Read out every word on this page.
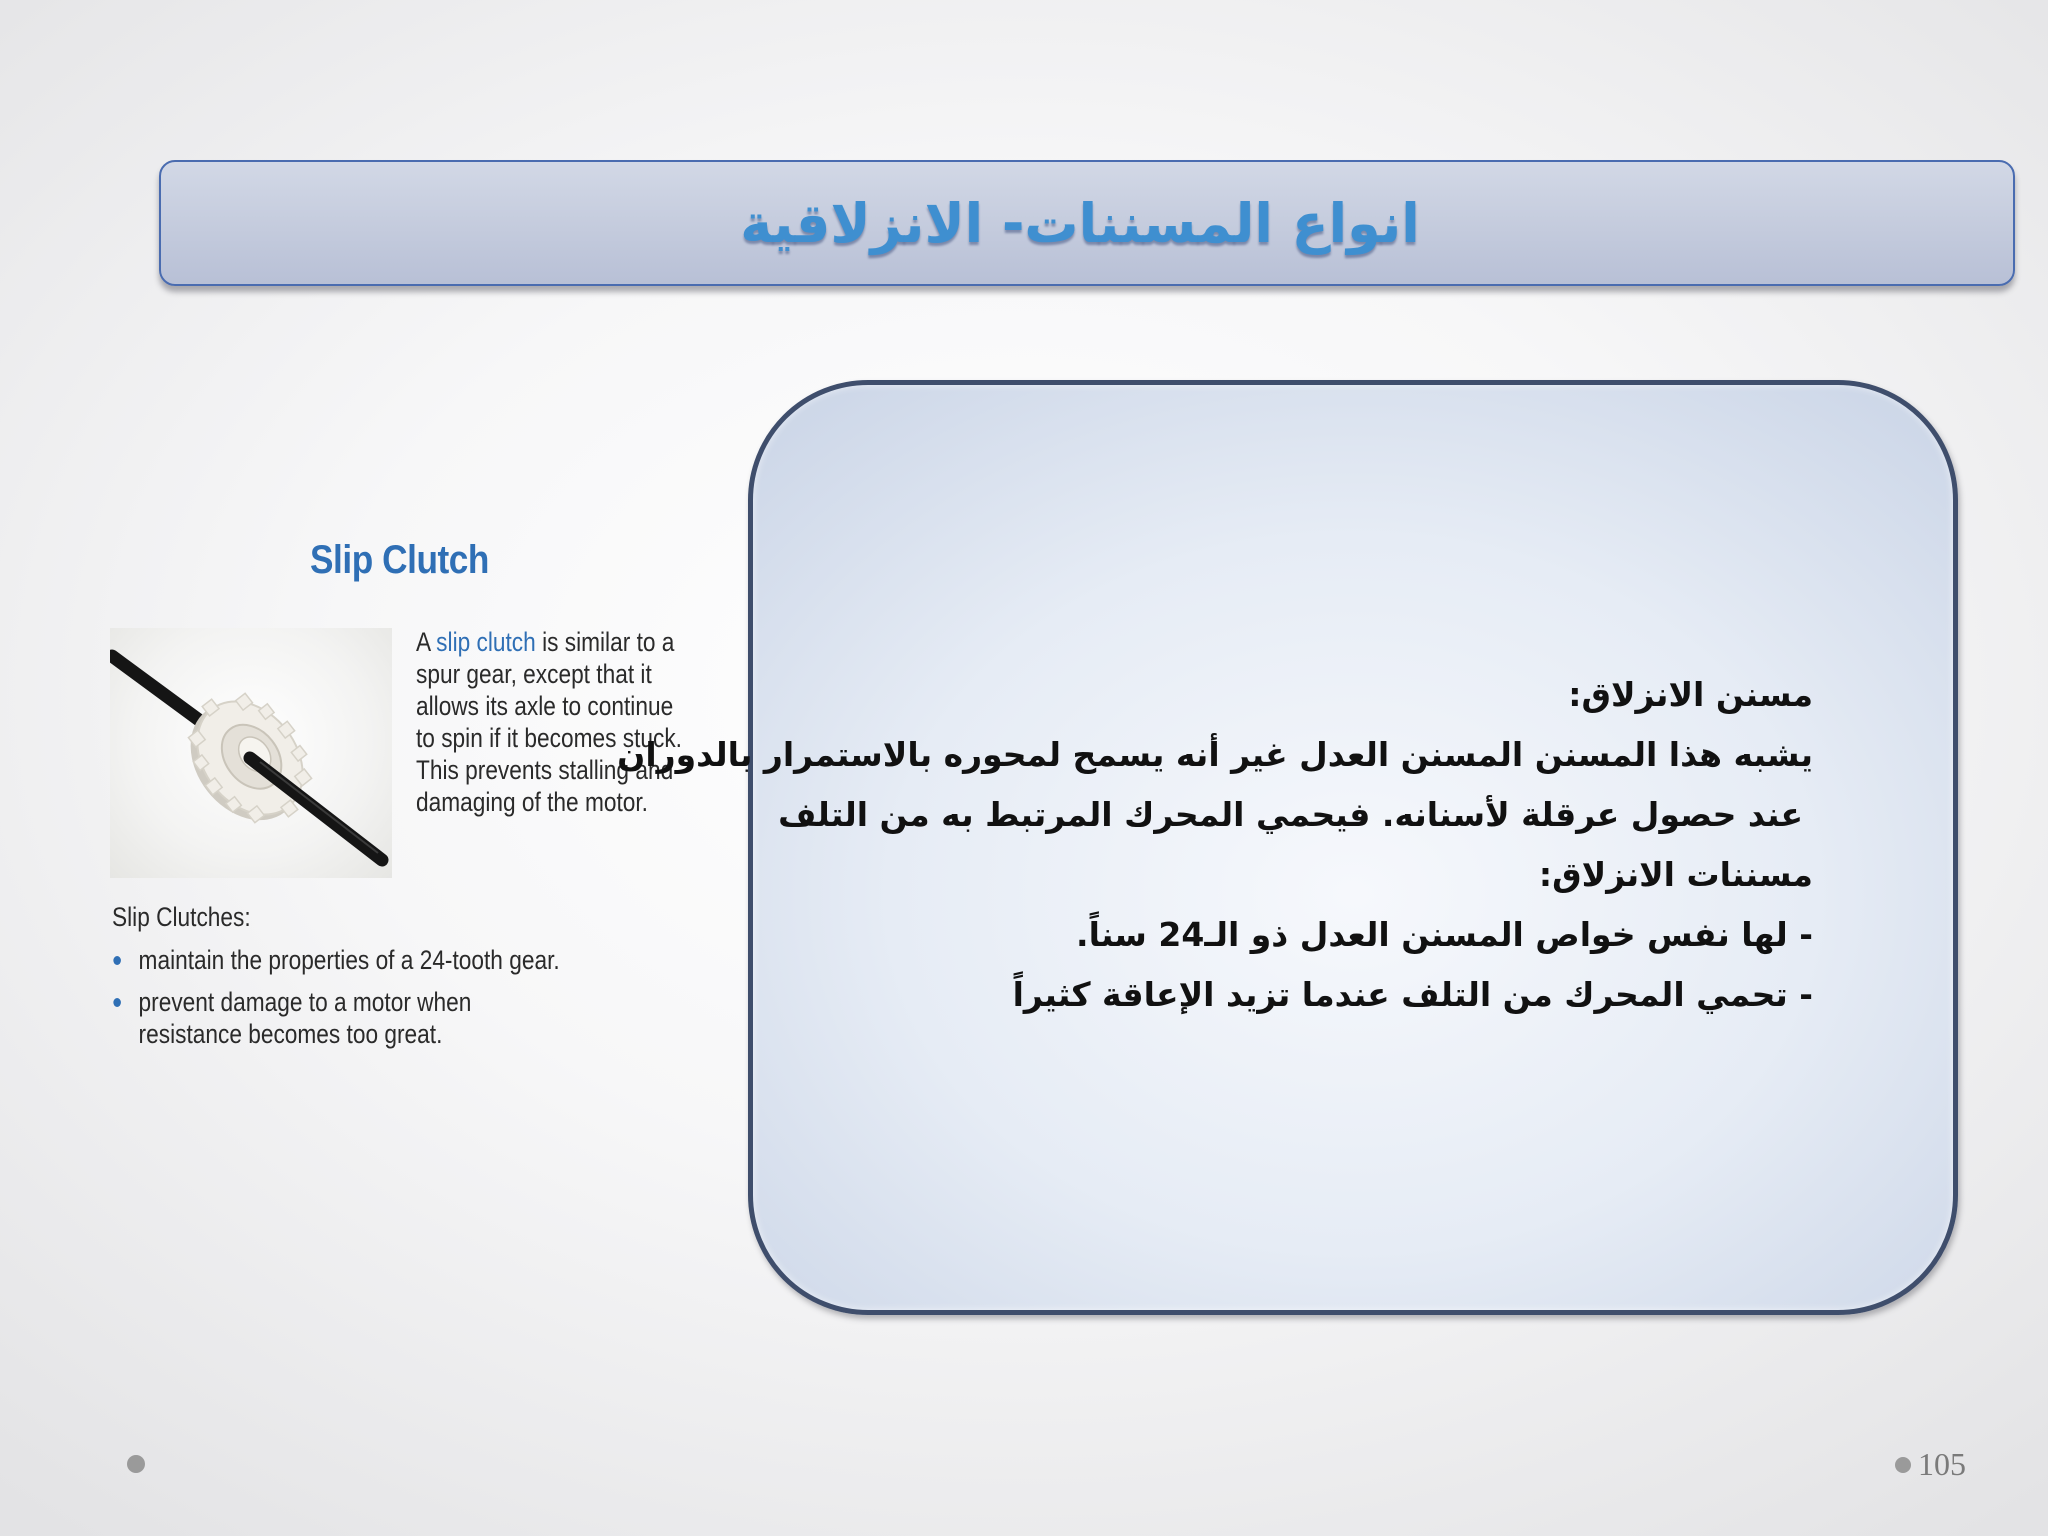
انواع المسننات- الانزلاقية
Slip Clutch
A slip clutch is similar to a
spur gear, except that it
allows its axle to continue
to spin if it becomes stuck.
This prevents stalling and
damaging of the motor.
Slip Clutches:
maintain the properties of a 24-tooth gear.
prevent damage to a motor when
resistance becomes too great.

مسنن الانزلاق:

يشبه هذا المسنن المسنن العدل غير أنه يسمح لمحوره بالاستمرار بالدوران

عند حصول عرقلة لأسنانه. فيحمي المحرك المرتبط به من التلف

مسننات الانزلاق:

- لها نفس خواص المسنن العدل ذو الـ24 سناً.

- تحمي المحرك من التلف عندما تزيد الإعاقة كثيراً

105
